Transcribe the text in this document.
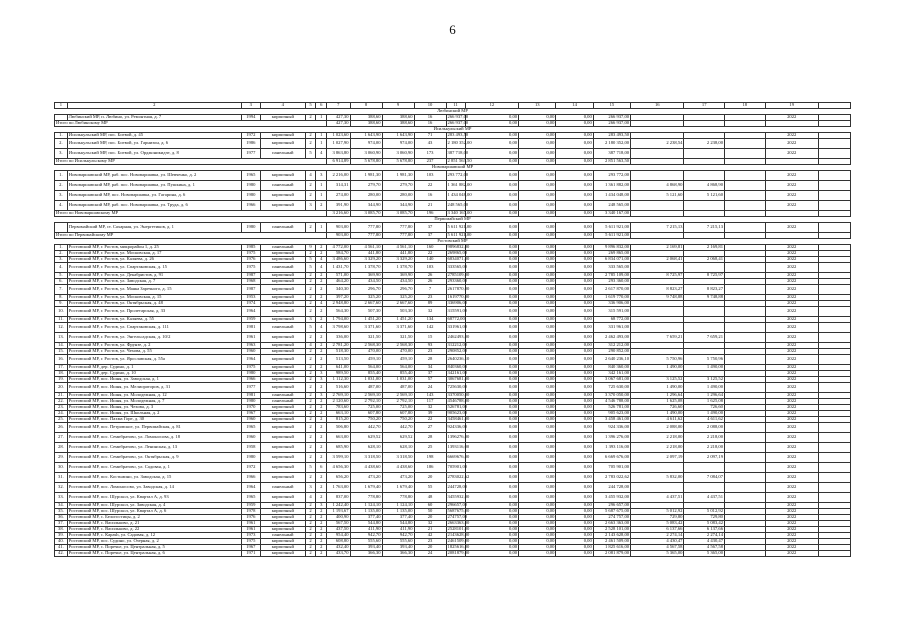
6
1	2	3	4	5	6	7	8	9	10	11	12	13	14	15	16	17	18	19	
Любинский МР																			
	Любинский МР, п. Любино, ул. Ремонтная, д. 7	1994	кирпичный	2	1	427,30	388,60	388,60	16	266 937,00	0,00	0,00	0,00	266 937,00				2022	
Итого по Любинскому МР						427,30	388,60	388,60	16	266 937,00	0,00	0,00	0,00	266 937,00					
Исилькульский МР																			
1.	Исилькульский МР, пос. Боевой, д. 45	1972	кирпичный	2	1	1 023,60	1 643,90	1 643,90	71	283 493,50	0,00	0,00	0,00	283 493,50				2022	
2.	Исилькульский МР, пос. Боевой, ул. Гарнизон, д. 6	1986	кирпичный	2	1	1 027,90	974,00	974,00	43	2 180 352,00	0,00	0,00	0,00	2 180 352,00	2 238,54	2 238,00		2022	
3.	Исилькульский МР, пос. Боевой, ул. Орджоникидзе, д. 8	1977	панельный	5	4	3 863,80	3 060,90	3 060,90	173	387 718,00	0,00	0,00	0,00	387 718,00				2022	
Итого по Исилькульскому МР						6 914,89	5 678,80	5 678,80	237	2 851 563,50	0,00	0,00	0,00	2 851 563,50					
Нововаршавский МР																			
1.	Нововаршавский МР, раб. пос. Нововаршавка, ул. Шевченко, д. 2	1965	кирпичный	4	3	2 216,00	1 981,30	1 981,30	103	293 772,00	0,00	0,00	0,00	293 772,00				2022	
2.	Нововаршавский МР, раб. пос. Нововаршавка, ул. Пушкина, д. 1	1980	панельный	2	1	314,31	279,70	279,70	22	1 361 882,00	0,00	0,00	0,00	1 361 882,00	4 868,90	4 868,90		2022	
3.	Нововаршавский МР, пос. Нововаршавка, ул. Гагарина, д. 6	1980	кирпичный	2	1	274,00	280,00	280,00	16	1 434 048,00	0,00	0,00	0,00	1 434 048,00	5 121,60	5 121,60		2022	
4.	Нововаршавский МР, раб. пос. Нововаршавка, ул. Труда, д. 6	1966	кирпичный	3	2	391,90	344,90	344,90	21	248 565,00	0,00	0,00	0,00	248 565,00				2022	
Итого по Нововаршавскому МР						3 216,60	3 085,70	3 085,70	196	3 340 167,00	0,00	0,00	0,00	3 340 167,00					
Первомайский МР																			
	Первомайский МР, ст. Сахарная, ул. Энергетиков, д. 1	1980	панельный	2	1	903,00	777,80	777,80	37	5 611 921,00	0,00	0,00	0,00	5 611 921,00	7 215,13	7 215,13		2022	
Итого по Первомайскому МР						903,00	777,80	777,80	37	5 611 921,00	0,00	0,00	0,00	5 611 921,00					
Ростовский МР																			
1.	Ростовский МР, г. Ростов, микрорайон 1, д. 25	1985	панельный	9	2	4 772,00	4 561,10	4 561,10	160	9896832,00	0,00	0,00	0,00	9 896 832,00	2 169,81	2 169,81		2022	
2.	Ростовский МР, г. Ростов, ул. Московская, д. 17	1975	кирпичный	2	2	584,70	441,80	441,80	22	269865,00	0,00	0,00	0,00	269 865,00				2022	
3.	Ростовский МР, г. Ростов, ул. Каляева, д. 26	1976	кирпичный	5	4	3 486,60	3 329,20	3 329,20	140	6834071,00	0,00	0,00	0,00	6 834 071,00	2 068,41	2 068,41		2022	
4.	Ростовский МР, г. Ростов, ул. Спартаковская, д. 15	1975	панельный	5	4	1 431,70	1 378,70	1 378,70	103	333565,00	0,00	0,00	0,00	333 565,00				2022	
5.	Ростовский МР, г. Ростов, ул. Декабристов, д. 91	1987	кирпичный	2	2	571,00	369,90	369,90	26	2785109,00	0,00	0,00	0,00	2 785 109,00	8 725,97	8 725,97		2022	
6.	Ростовский МР, г. Ростов, ул. Заводская, д. 7	1968	кирпичный	2	2	464,20	434,50	434,50	26	293360,00	0,00	0,00	0,00	293 360,00				2022	
7.	Ростовский МР, г. Ростов, ул. Маяка Заречного, д. 15	1987	кирпичный	2	2	340,30	296,70	296,70	7	2617870,00	0,00	0,00	0,00	2 617 870,00	8 823,27	8 823,27		2022	
8.	Ростовский МР, г. Ростов, ул. Московская, д. 15	1953	кирпичный	2	2	397,20	325,20	325,20	23	1619770,00	0,00	0,00	0,00	1 619 770,00	9 748,88	9 748,88		2022	
9.	Ростовский МР, г. Ростов, ул. Октябрьская, д. 48	1974	кирпичный	2	4	2 948,80	2 667,60	2 667,60	89	336906,00	0,00	0,00	0,00	336 906,00				2022	
10.	Ростовский МР, г. Ростов, ул. Пролетарская, д. 33	1964	кирпичный	2	2	564,30	507,30	503,30	32	315591,00	0,00	0,00	0,00	315 591,00				2022	
11.	Ростовский МР, г. Ростов, ул. Каляева, д. 55	1959	кирпичный	3	2	1 794,00	1 451,20	1 451,20	134	68772,00	0,00	0,00	0,00	68 772,00				2022	
12.	Ростовский МР, г. Ростов, ул. Спартаковская, д. 111	1981	панельный	5	4	3 798,60	3 371,60	3 371,60	142	331961,00	0,00	0,00	0,00	331 961,00				2022	
13.	Ростовский МР, г. Ростов, ул. Энгельсадская, д. 10/2	1961	кирпичный	2	2	336,00	321,50	321,50	15	2462493,00	0,00	0,00	0,00	2 462 493,00	7 659,21	7 659,21		2022	
14.	Ростовский МР, г. Ростов, ул. Фрунзе, д. 2	1963	кирпичный	4	2	2 781,20	2 568,30	2 568,30	93	312212,00	0,00	0,00	0,00	312 212,00				2022	
15.	Ростовский МР, г. Ростов, ул. Чехова, д. 55	1960	кирпичный	2	2	518,30	470,00	470,00	23	290852,00	0,00	0,00	0,00	290 852,00				2022	
16.	Ростовский МР, г. Ростов, ул. Ярославская, д. 55а	1964	кирпичный	2	2	513,50	459,10	459,10	28	2640236,10	0,00	0,00	0,00	2 640 236,10	5 750,96	5 750,96		2022	
17.	Ростовский МР, дер. Судино, д. 1	1975	кирпичный	2	2	641,00	564,00	564,00	34	840360,00	0,00	0,00	0,00	840 360,00	1 490,00	1 490,00		2022	
18.	Ростовский МР, дер. Судино, д. 10	1980	кирпичный	2	3	989,50	855,40	855,40	37	342161,00	0,00	0,00	0,00	342 161,00				2022	
19.	Ростовский МР, пос. Ишня, ул. Заводская, д. 1	1966	кирпичный	2	3	1 112,30	1 031,00	1 031,00	57	3067681,00	0,00	0,00	0,00	3 067 681,00	3 125,52	3 125,52		2022	
20.	Ростовский МР, пос. Ишня, ул. Мелиораторов, д. 31	1977	кирпичный	2	2	516,60	487,00	487,00	24	725630,00	0,00	0,00	0,00	725 630,00	1 490,00	1 490,00		2022	
21.	Ростовский МР, пос. Ишня, ул. Молодежная, д. 12	1981	панельный	2	3	2 769,10	2 569,10	2 569,10	143	3370050,00	0,00	0,00	0,00	3 370 050,00	1 296,64	1 296,64		2022	
22.	Ростовский МР, пос. Ишня, ул. Молодежная, д. 7	1980	панельный	2	2	2 120,60	2 792,10	2 792,10	117	4546788,00	0,00	0,00	0,00	4 546 788,00	1 625,08	1 625,08		2022	
23.	Ростовский МР, пос. Ишня, ул. Чехова, д. 3	1970	кирпичный	2	2	783,60	725,00	725,00	32	526781,00	0,00	0,00	0,00	526 781,00	726,60	726,60		2022	
24.	Ростовский МР, пос. Ишня, ул. Школьная, д. 2	1967	кирпичный	2	2	663,10	607,80	607,80	39	905623,00	0,00	0,00	0,00	905 623,00	1 490,00	1 490,00		2022	
25.	Ростовский МР, пос. Пахма Горе, д. 30	1960	кирпичный	2	2	815,20	750,20	750,20	22	3458461,00	0,00	0,00	0,00	3 458 461,00	4 611,62	4 611,62		2022	
26.	Ростовский МР, пос. Петровское, ул. Первомайская, д. 81	1965	кирпичный	2	2	506,80	442,70	442,70	27	924336,00	0,00	0,00	0,00	924 336,00	2 088,00	2 088,00		2022	
27.	Ростовский МР, пос. Семибратово, ул. Ломоносова, д. 18	1960	кирпичный	2	2	663,00	629,52	629,52	28	1396276,00	0,00	0,00	0,00	1 396 276,00	2 218,00	2 218,00		2022	
28.	Ростовский МР, пос. Семибратово, ул. Ленинская, д. 13	1958	кирпичный	2	2	685,90	628,10	628,10	25	1393116,00	0,00	0,00	0,00	1 393 116,00	2 218,00	2 218,00		2022	
29.	Ростовский МР, пос. Семибратово, ул. Октябрьская, д. 9	1980	кирпичный	2	2	3 599,10	3 318,50	3 318,50	198	6669676,00	0,00	0,00	0,00	6 669 676,00	2 097,19	2 097,19		2022	
30.	Ростовский МР, пос. Семибратово, ул. Садовая, д. 1	1972	кирпичный	5	6	4 656,30	4 438,60	4 438,60	186	705901,00	0,00	0,00	0,00	705 901,00				2022	
31.	Ростовский МР, пос. Костьмино, ул. Заводская, д. 15	1966	кирпичный	2	2	656,20	473,20	473,20	20	2783022,62	0,00	0,00	0,00	2 783 022,62	5 832,00	7 084,07		2022	
32.	Ростовский МР, пос. Ломоносово, ул. Заводская, д. 14	1964	панельный	3	2	1 763,00	1 679,40	1 679,40	55	244728,00	0,00	0,00	0,00	244 728,00				2022	
33.	Ростовский МР, пос. Шурскол, ул. Квартал А, д. 93	1965	кирпичный	4	2	837,00	778,80	778,80	48	3455932,00	0,00	0,00	0,00	3 455 932,00	4 437,51	4 437,51		2022	
34.	Ростовский МР, пос. Шурскол, ул. Заводская, д. 4	1959	кирпичный	2	3	1 242,40	1 124,10	1 124,10	60	296657,00	0,00	0,00	0,00	296 657,00				2022	
35.	Ростовский МР, пос. Шурскол, ул. Квартал А, д. 6	1978	кирпичный	2	2	1 193,67	1 135,00	1 135,00	50	5687675,00	0,00	0,00	0,00	5 687 675,00	5 012,92	5 012,92		2022	
36.	Ростовский МР, с. Белогостицы, д. 2	1976	кирпичный	2	2	400,90	377,40	377,40	20	274757,00	0,00	0,00	0,00	274 757,00	729,80	729,80		2022	
37.	Ростовский МР, с. Васильково, д. 21	1961	кирпичный	2	2	567,50	544,80	544,80	32	2663363,00	0,00	0,00	0,00	2 663 363,00	5 083,42	5 083,42		2022	
38.	Ростовский МР, с. Васильково, д. 22	1961	кирпичный	2	2	437,50	411,90	411,90	21	2528101,00	0,00	0,00	0,00	2 528 101,00	6 137,66	6 137,66		2022	
39.	Ростовский МР, с. Карash, ул. Садовая, д. 12	1973	панельный	2	2	954,40	942,70	942,70	42	2143628,00	0,00	0,00	0,00	2 143 628,00	2 274,14	2 274,14		2022	
40.	Ростовский МР, пос. Судино, ул. Озерная, д. 2	1975	кирпичный	2	2	608,80	555,60	555,60	23	2461509,00	0,00	0,00	0,00	2 461 509,00	4 430,47	4 430,47		2022	
41.	Ростовский МР, с. Поречье, ул. Центральная, д. 5	1967	кирпичный	2	2	432,40	393,40	393,40	20	1825616,00	0,00	0,00	0,00	1 825 616,00	4 567,58	4 567,58		2022	
42.	Ростовский МР, с. Поречье, ул. Центральная, д. 6	1971	кирпичный	2	2	433,70	366,30	366,30	24	2081879,00	0,00	0,00	0,00	2 081 879,00	5 365,00	5 365,00		2022	
